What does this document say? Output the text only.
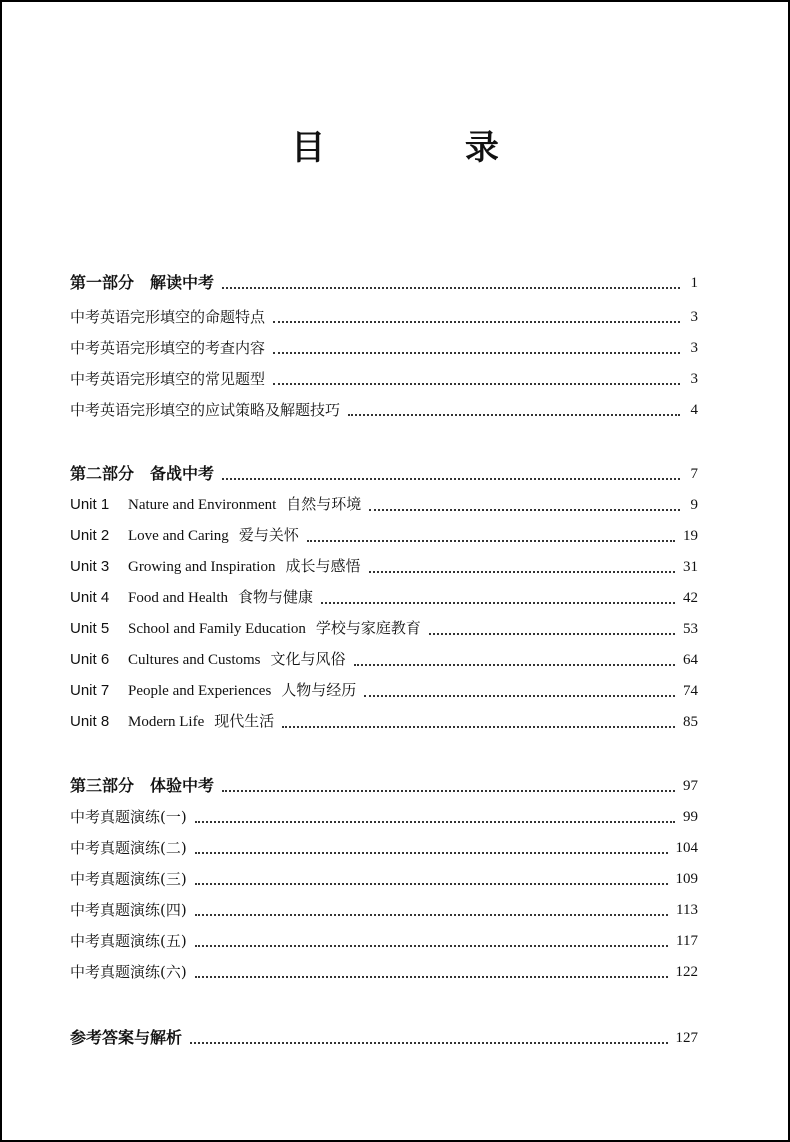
目 录
第一部分　解读中考	1
中考英语完形填空的命题特点	3
中考英语完形填空的考查内容	3
中考英语完形填空的常见题型	3
中考英语完形填空的应试策略及解题技巧	4
第二部分　备战中考	7
Unit 1 Nature and Environment 自然与环境	9
Unit 2 Love and Caring 爱与关怀	19
Unit 3 Growing and Inspiration 成长与感悟	31
Unit 4 Food and Health 食物与健康	42
Unit 5 School and Family Education 学校与家庭教育	53
Unit 6 Cultures and Customs 文化与风俗	64
Unit 7 People and Experiences 人物与经历	74
Unit 8 Modern Life 现代生活	85
第三部分　体验中考	97
中考真题演练(一)	99
中考真题演练(二)	104
中考真题演练(三)	109
中考真题演练(四)	113
中考真题演练(五)	117
中考真题演练(六)	122
参考答案与解析	127
